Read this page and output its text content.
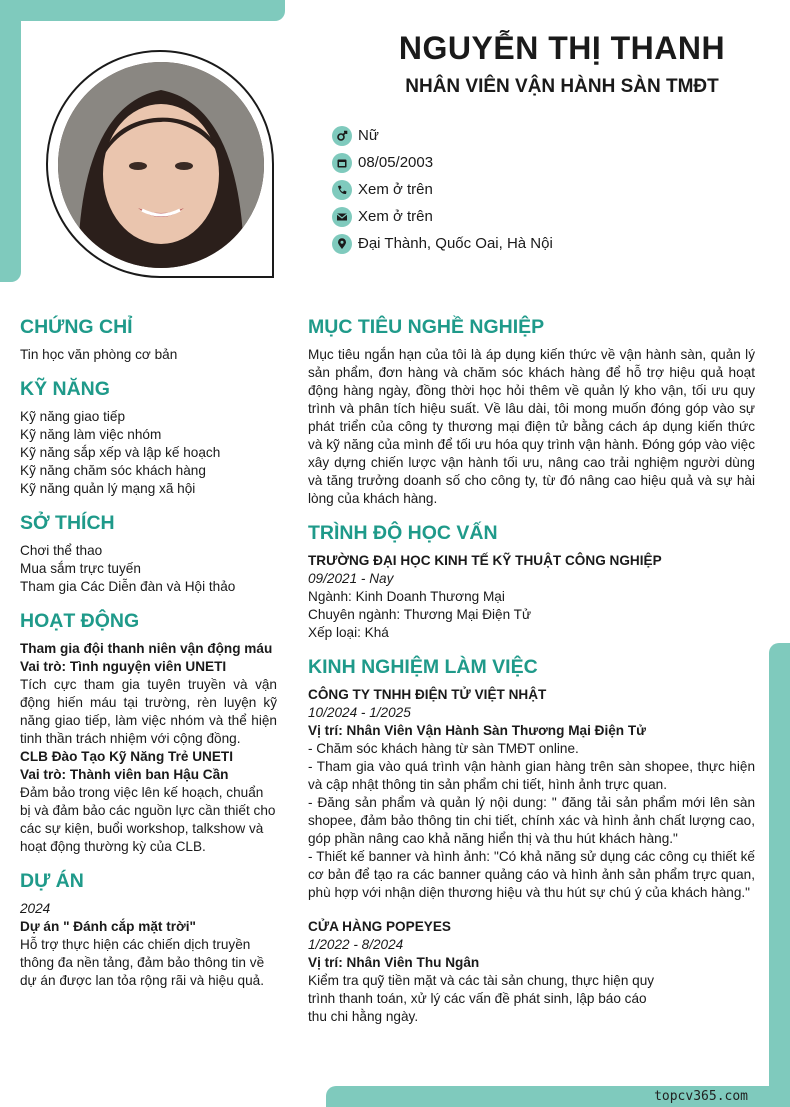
NGUYỄN THỊ THANH
NHÂN VIÊN VẬN HÀNH SÀN TMĐT
Nữ
08/05/2003
Xem ở trên
Xem ở trên
Đại Thành, Quốc Oai, Hà Nội
CHỨNG CHỈ
Tin học văn phòng cơ bản
KỸ NĂNG
Kỹ năng giao tiếp
Kỹ năng làm việc nhóm
Kỹ năng sắp xếp và lập kế hoạch
Kỹ năng chăm sóc khách hàng
Kỹ năng quản lý mạng xã hội
SỞ THÍCH
Chơi thể thao
Mua sắm trực tuyến
Tham gia Các Diễn đàn và Hội thảo
HOẠT ĐỘNG
Tham gia đội thanh niên vận động máu
Vai trò: Tình nguyện viên UNETI
Tích cực tham gia tuyên truyền và vận động hiến máu tại trường, rèn luyện kỹ năng giao tiếp, làm việc nhóm và thể hiện tinh thần trách nhiệm với cộng đồng.
CLB Đào Tạo Kỹ Năng Trẻ UNETI
Vai trò: Thành viên ban Hậu Cần
Đảm bảo trong việc lên kế hoạch, chuẩn bị và đảm bảo các nguồn lực cần thiết cho các sự kiện, buổi workshop, talkshow và hoạt động thường kỳ của CLB.
DỰ ÁN
2024
Dự án " Đánh cắp mặt trời"
Hỗ trợ thực hiện các chiến dịch truyền thông đa nền tảng, đảm bảo thông tin về dự án được lan tỏa rộng rãi và hiệu quả.
MỤC TIÊU NGHỀ NGHIỆP
Mục tiêu ngắn hạn của tôi là áp dụng kiến thức về vận hành sàn, quản lý sản phẩm, đơn hàng và chăm sóc khách hàng để hỗ trợ hiệu quả hoạt động hàng ngày, đồng thời học hỏi thêm về quản lý kho vận, tối ưu quy trình và phân tích hiệu suất. Về lâu dài, tôi mong muốn đóng góp vào sự phát triển của công ty thương mại điện tử bằng cách áp dụng kiến thức và kỹ năng của mình để tối ưu hóa quy trình vận hành. Đóng góp vào việc xây dựng chiến lược vận hành tối ưu, nâng cao trải nghiệm người dùng và tăng trưởng doanh số cho công ty, từ đó nâng cao hiệu quả và sự hài lòng của khách hàng.
TRÌNH ĐỘ HỌC VẤN
TRƯỜNG ĐẠI HỌC KINH TẾ KỸ THUẬT CÔNG NGHIỆP
09/2021 - Nay
Ngành: Kinh Doanh Thương Mại
Chuyên ngành: Thương Mại Điện Tử
Xếp loại: Khá
KINH NGHIỆM LÀM VIỆC
CÔNG TY TNHH ĐIỆN TỬ VIỆT NHẬT
10/2024 - 1/2025
Vị trí: Nhân Viên Vận Hành Sàn Thương Mại Điện Tử
- Chăm sóc khách hàng từ sàn TMĐT online.
- Tham gia vào quá trình vận hành gian hàng trên sàn shopee, thực hiện và cập nhật thông tin sản phẩm chi tiết, hình ảnh trực quan.
- Đăng sản phẩm và quản lý nội dung: " đăng tải sản phẩm mới lên sàn shopee, đảm bảo thông tin chi tiết, chính xác và hình ảnh chất lượng cao, góp phần nâng cao khả năng hiển thị và thu hút khách hàng."
- Thiết kế banner và hình ảnh: "Có khả năng sử dụng các công cụ thiết kế cơ bản để tạo ra các banner quảng cáo và hình ảnh sản phẩm trực quan, phù hợp với nhận diện thương hiệu và thu hút sự chú ý của khách hàng."
CỬA HÀNG POPEYES
1/2022 - 8/2024
Vị trí: Nhân Viên Thu Ngân
Kiểm tra quỹ tiền mặt và các tài sản chung, thực hiện quy
trình thanh toán, xử lý các vấn đề phát sinh, lập báo cáo
thu chi hằng ngày.
topcv365.com
